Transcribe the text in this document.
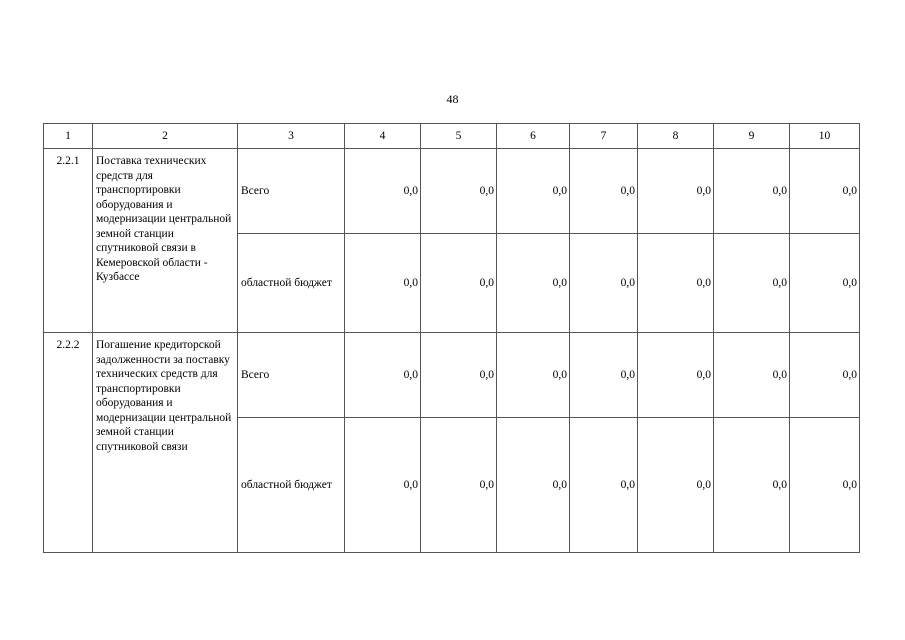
48
1	2	3	4	5	6	7	8	9	10
2.2.1	Поставка технических средств для транспортировки оборудования и модернизации центральной земной станции спутниковой связи в Кемеровской области - Кузбассе	Всего	0,0	0,0	0,0	0,0	0,0	0,0	0,0
		областной бюджет	0,0	0,0	0,0	0,0	0,0	0,0	0,0
2.2.2	Погашение кредиторской задолженности за поставку технических средств для транспортировки оборудования и модернизации центральной земной станции спутниковой связи	Всего	0,0	0,0	0,0	0,0	0,0	0,0	0,0
		областной бюджет	0,0	0,0	0,0	0,0	0,0	0,0	0,0
